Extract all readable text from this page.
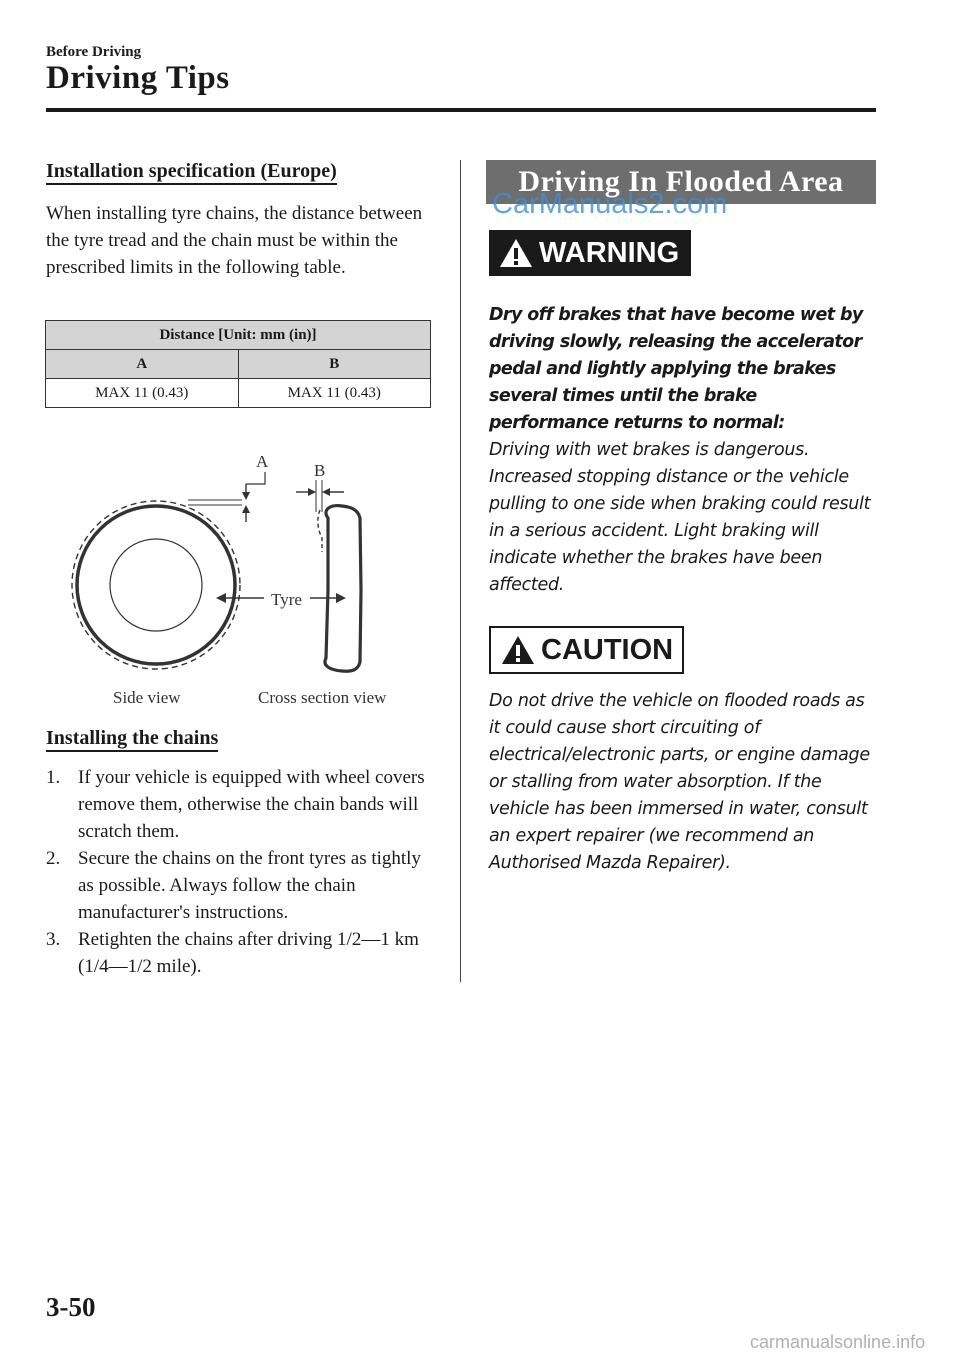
Before Driving
Driving Tips
Installation specification (Europe)
When installing tyre chains, the distance between the tyre tread and the chain must be within the prescribed limits in the following table.
Distance [Unit: mm (in)]	
A	B
MAX 11 (0.43)	MAX 11 (0.43)
A	B
Tyre
Side view	Cross section view
Installing the chains
1. If your vehicle is equipped with wheel covers remove them, otherwise the chain bands will scratch them.
2. Secure the chains on the front tyres as tightly as possible. Always follow the chain manufacturer's instructions.
3. Retighten the chains after driving 1/2―1 km (1/4―1/2 mile).
Driving In Flooded Area
CarManuals2.com
WARNING
Dry off brakes that have become wet by driving slowly, releasing the accelerator pedal and lightly applying the brakes several times until the brake performance returns to normal:
Driving with wet brakes is dangerous. Increased stopping distance or the vehicle pulling to one side when braking could result in a serious accident. Light braking will indicate whether the brakes have been affected.
CAUTION
Do not drive the vehicle on flooded roads as it could cause short circuiting of electrical/electronic parts, or engine damage or stalling from water absorption. If the vehicle has been immersed in water, consult an expert repairer (we recommend an Authorised Mazda Repairer).
3-50
carmanualsonline.info
